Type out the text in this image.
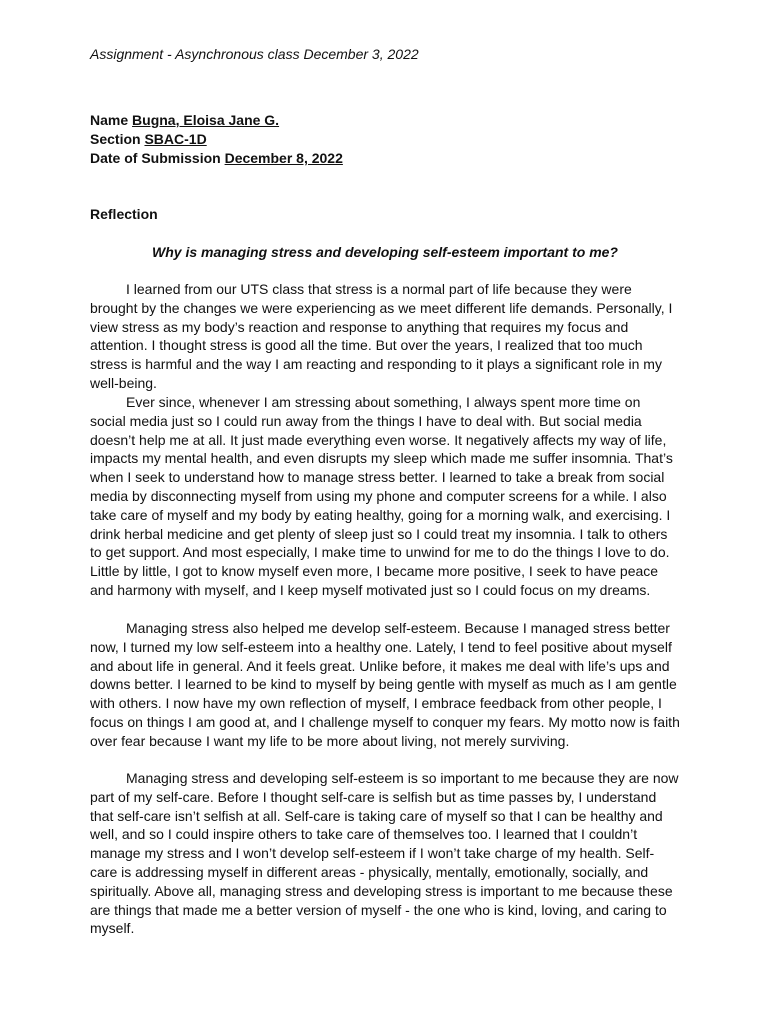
Assignment - Asynchronous class December 3, 2022
Name Bugna, Eloisa Jane G.
Section SBAC-1D
Date of Submission December 8, 2022
Reflection
Why is managing stress and developing self-esteem important to me?

I learned from our UTS class that stress is a normal part of life because they were brought by the changes we were experiencing as we meet different life demands. Personally, I view stress as my body’s reaction and response to anything that requires my focus and attention. I thought stress is good all the time. But over the years, I realized that too much stress is harmful and the way I am reacting and responding to it plays a significant role in my well-being.

Ever since, whenever I am stressing about something, I always spent more time on social media just so I could run away from the things I have to deal with. But social media doesn’t help me at all. It just made everything even worse. It negatively affects my way of life, impacts my mental health, and even disrupts my sleep which made me suffer insomnia. That’s when I seek to understand how to manage stress better. I learned to take a break from social media by disconnecting myself from using my phone and computer screens for a while. I also take care of myself and my body by eating healthy, going for a morning walk, and exercising. I drink herbal medicine and get plenty of sleep just so I could treat my insomnia. I talk to others to get support. And most especially, I make time to unwind for me to do the things I love to do. Little by little, I got to know myself even more, I became more positive, I seek to have peace and harmony with myself, and I keep myself motivated just so I could focus on my dreams.

Managing stress also helped me develop self-esteem. Because I managed stress better now, I turned my low self-esteem into a healthy one. Lately, I tend to feel positive about myself and about life in general. And it feels great. Unlike before, it makes me deal with life’s ups and downs better. I learned to be kind to myself by being gentle with myself as much as I am gentle with others. I now have my own reflection of myself, I embrace feedback from other people, I focus on things I am good at, and I challenge myself to conquer my fears. My motto now is faith over fear because I want my life to be more about living, not merely surviving.

Managing stress and developing self-esteem is so important to me because they are now part of my self-care. Before I thought self-care is selfish but as time passes by, I understand that self-care isn’t selfish at all. Self-care is taking care of myself so that I can be healthy and well, and so I could inspire others to take care of themselves too. I learned that I couldn’t manage my stress and I won’t develop self-esteem if I won’t take charge of my health. Self-care is addressing myself in different areas - physically, mentally, emotionally, socially, and spiritually. Above all, managing stress and developing stress is important to me because these are things that made me a better version of myself - the one who is kind, loving, and caring to myself.
